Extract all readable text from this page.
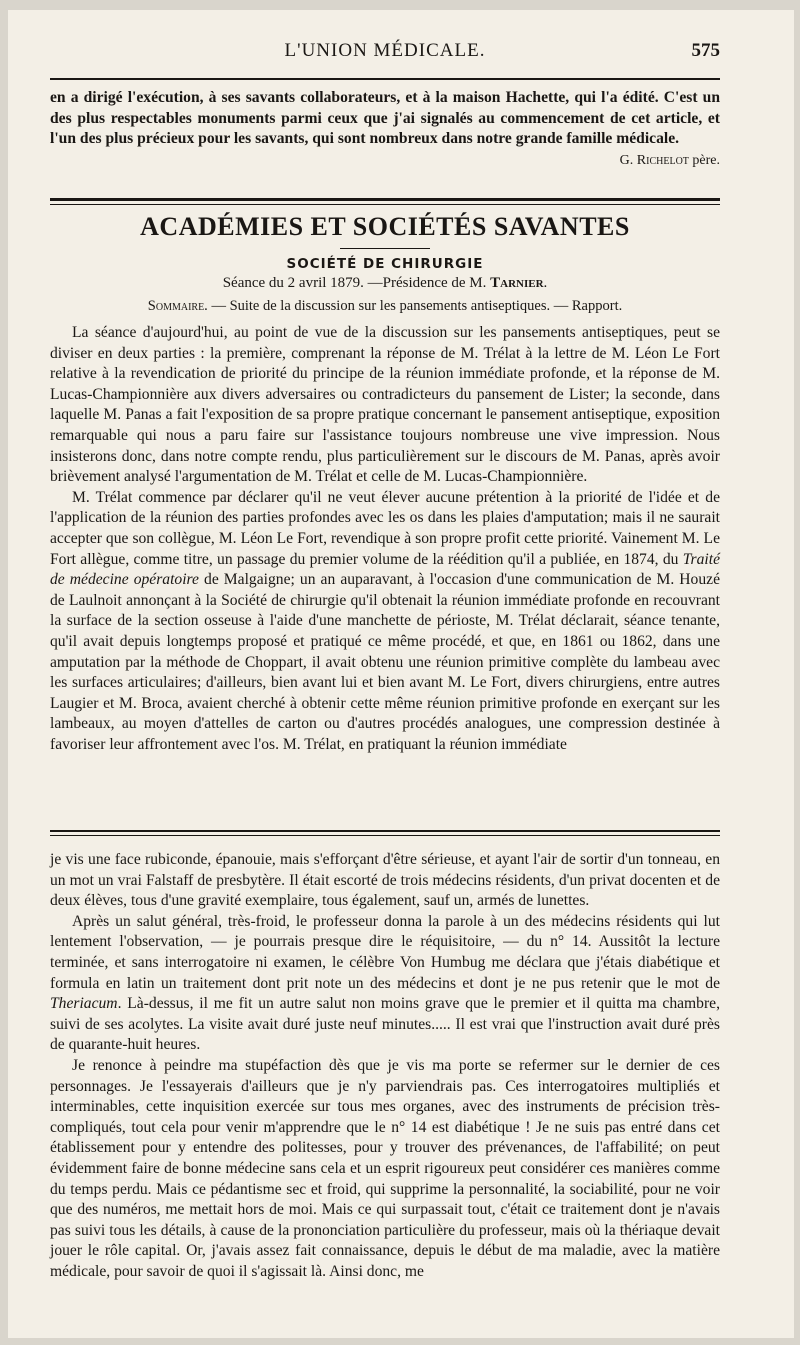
L'UNION MÉDICALE.	575

en a dirigé l'exécution, à ses savants collaborateurs, et à la maison Hachette, qui l'a édité. C'est un des plus respectables monuments parmi ceux que j'ai signalés au commencement de cet article, et l'un des plus précieux pour les savants, qui sont nombreux dans notre grande famille médicale.

G. Richelot père.
ACADÉMIES ET SOCIÉTÉS SAVANTES
SOCIÉTÉ DE CHIRURGIE
Séance du 2 avril 1879. —Présidence de M. Tarnier.
Sommaire. — Suite de la discussion sur les pansements antiseptiques. — Rapport.

La séance d'aujourd'hui, au point de vue de la discussion sur les pansements antiseptiques, peut se diviser en deux parties : la première, comprenant la réponse de M. Trélat à la lettre de M. Léon Le Fort relative à la revendication de priorité du principe de la réunion immédiate profonde, et la réponse de M. Lucas-Championnière aux divers adversaires ou contradicteurs du pansement de Lister; la seconde, dans laquelle M. Panas a fait l'exposition de sa propre pratique concernant le pansement antiseptique, exposition remarquable qui nous a paru faire sur l'assistance toujours nombreuse une vive impression. Nous insisterons donc, dans notre compte rendu, plus particulièrement sur le discours de M. Panas, après avoir brièvement analysé l'argumentation de M. Trélat et celle de M. Lucas-Championnière.

M. Trélat commence par déclarer qu'il ne veut élever aucune prétention à la priorité de l'idée et de l'application de la réunion des parties profondes avec les os dans les plaies d'amputation; mais il ne saurait accepter que son collègue, M. Léon Le Fort, revendique à son propre profit cette priorité. Vainement M. Le Fort allègue, comme titre, un passage du premier volume de la réédition qu'il a publiée, en 1874, du Traité de médecine opératoire de Malgaigne; un an auparavant, à l'occasion d'une communication de M. Houzé de Laulnoit annonçant à la Société de chirurgie qu'il obtenait la réunion immédiate profonde en recouvrant la surface de la section osseuse à l'aide d'une manchette de périoste, M. Trélat déclarait, séance tenante, qu'il avait depuis longtemps proposé et pratiqué ce même procédé, et que, en 1861 ou 1862, dans une amputation par la méthode de Choppart, il avait obtenu une réunion primitive complète du lambeau avec les surfaces articulaires; d'ailleurs, bien avant lui et bien avant M. Le Fort, divers chirurgiens, entre autres Laugier et M. Broca, avaient cherché à obtenir cette même réunion primitive profonde en exerçant sur les lambeaux, au moyen d'attelles de carton ou d'autres procédés analogues, une compression destinée à favoriser leur affrontement avec l'os. M. Trélat, en pratiquant la réunion immédiate

je vis une face rubiconde, épanouie, mais s'efforçant d'être sérieuse, et ayant l'air de sortir d'un tonneau, en un mot un vrai Falstaff de presbytère. Il était escorté de trois médecins résidents, d'un privat docenten et de deux élèves, tous d'une gravité exemplaire, tous également, sauf un, armés de lunettes.

Après un salut général, très-froid, le professeur donna la parole à un des médecins résidents qui lut lentement l'observation, — je pourrais presque dire le réquisitoire, — du n° 14. Aussitôt la lecture terminée, et sans interrogatoire ni examen, le célèbre Von Humbug me déclara que j'étais diabétique et formula en latin un traitement dont prit note un des médecins et dont je ne pus retenir que le mot de Theriacum. Là-dessus, il me fit un autre salut non moins grave que le premier et il quitta ma chambre, suivi de ses acolytes. La visite avait duré juste neuf minutes..... Il est vrai que l'instruction avait duré près de quarante-huit heures.

Je renonce à peindre ma stupéfaction dès que je vis ma porte se refermer sur le dernier de ces personnages. Je l'essayerais d'ailleurs que je n'y parviendrais pas. Ces interrogatoires multipliés et interminables, cette inquisition exercée sur tous mes organes, avec des instruments de précision très-compliqués, tout cela pour venir m'apprendre que le n° 14 est diabétique ! Je ne suis pas entré dans cet établissement pour y entendre des politesses, pour y trouver des prévenances, de l'affabilité; on peut évidemment faire de bonne médecine sans cela et un esprit rigoureux peut considérer ces manières comme du temps perdu. Mais ce pédantisme sec et froid, qui supprime la personnalité, la sociabilité, pour ne voir que des numéros, me mettait hors de moi. Mais ce qui surpassait tout, c'était ce traitement dont je n'avais pas suivi tous les détails, à cause de la prononciation particulière du professeur, mais où la thériaque devait jouer le rôle capital. Or, j'avais assez fait connaissance, depuis le début de ma maladie, avec la matière médicale, pour savoir de quoi il s'agissait là. Ainsi donc, me
